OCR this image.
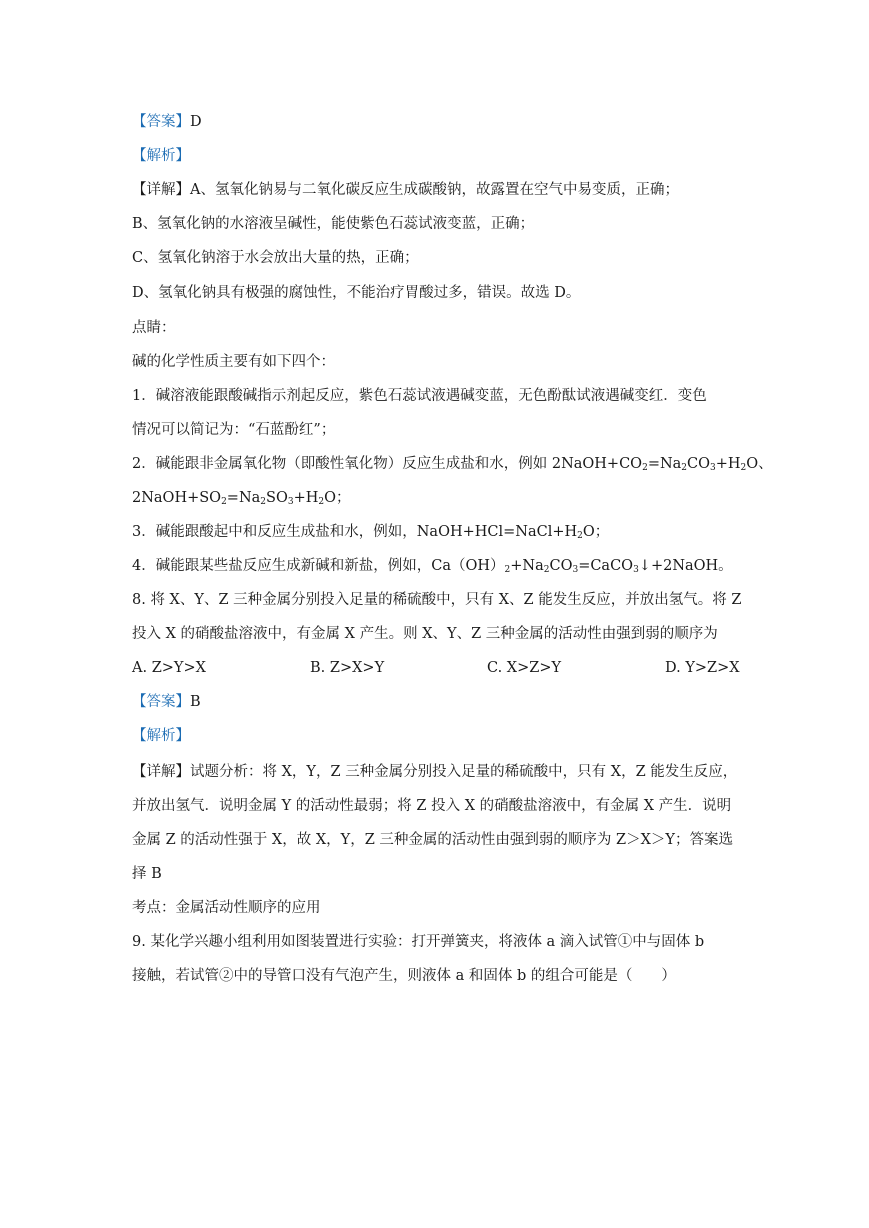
【答案】D
【解析】
【详解】A、氢氧化钠易与二氧化碳反应生成碳酸钠，故露置在空气中易变质，正确；
B、氢氧化钠的水溶液呈碱性，能使紫色石蕊试液变蓝，正确；
C、氢氧化钠溶于水会放出大量的热，正确；
D、氢氧化钠具有极强的腐蚀性，不能治疗胃酸过多，错误。故选 D。
点睛：
碱的化学性质主要有如下四个：
1．碱溶液能跟酸碱指示剂起反应，紫色石蕊试液遇碱变蓝，无色酚酞试液遇碱变红．变色
情况可以简记为：“石蓝酚红”；
2．碱能跟非金属氧化物（即酸性氧化物）反应生成盐和水，例如 $2NaOH+CO_2=Na_2CO_3+H_2O$、
$2NaOH+SO_2=Na_2SO_3+H_2O$；
3．碱能跟酸起中和反应生成盐和水，例如，$NaOH+HCl=NaCl+H_2O$；
4．碱能跟某些盐反应生成新碱和新盐，例如，$Ca(OH)_2+Na_2CO_3=CaCO_3↓+2NaOH$。
8. 将 X、Y、Z 三种金属分别投入足量的稀硫酸中，只有 X、Z 能发生反应，并放出氢气。将 Z
投入 X 的硝酸盐溶液中，有金属 X 产生。则 X、Y、Z 三种金属的活动性由强到弱的顺序为
A. Z>Y>X	B. Z>X>Y	C. X>Z>Y	D. Y>Z>X
【答案】B
【解析】
【详解】试题分析：将 X，Y，Z 三种金属分别投入足量的稀硫酸中，只有 X，Z 能发生反应，
并放出氢气．说明金属 Y 的活动性最弱；将 Z 投入 X 的硝酸盐溶液中，有金属 X 产生．说明
金属 Z 的活动性强于 X，故 X，Y，Z 三种金属的活动性由强到弱的顺序为 Z＞X＞Y；答案选
择 B
考点：金属活动性顺序的应用
9. 某化学兴趣小组利用如图装置进行实验：打开弹簧夹，将液体 a 滴入试管①中与固体 b
接触，若试管②中的导管口没有气泡产生，则液体 a 和固体 b 的组合可能是（　　）
